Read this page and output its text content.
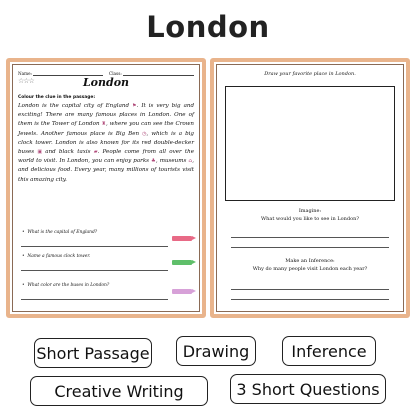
London
Name:	Class:
☆☆☆	London
Colour the clue in the passage:
London is the capital city of England ⚑. It is very big and exciting! There are many famous places in London. One of them is the Tower of London ♜, where you can see the Crown Jewels. Another famous place is Big Ben ◷, which is a big clock tower. London is also known for its red double-decker buses ▣ and black taxis ▰. People come from all over the world to visit. In London, you can enjoy parks ♣, museums ⌂, and delicious food. Every year, many millions of tourists visit this amazing city.
•  What is the capital of England?
•  Name a famous clock tower.
•  What color are the buses in London?
Draw your favorite place in London.
Imagine:
What would you like to see in London?
Make an Inference:
Why do many people visit London each year?
Short Passage	Drawing	Inference
Creative Writing	3 Short Questions
